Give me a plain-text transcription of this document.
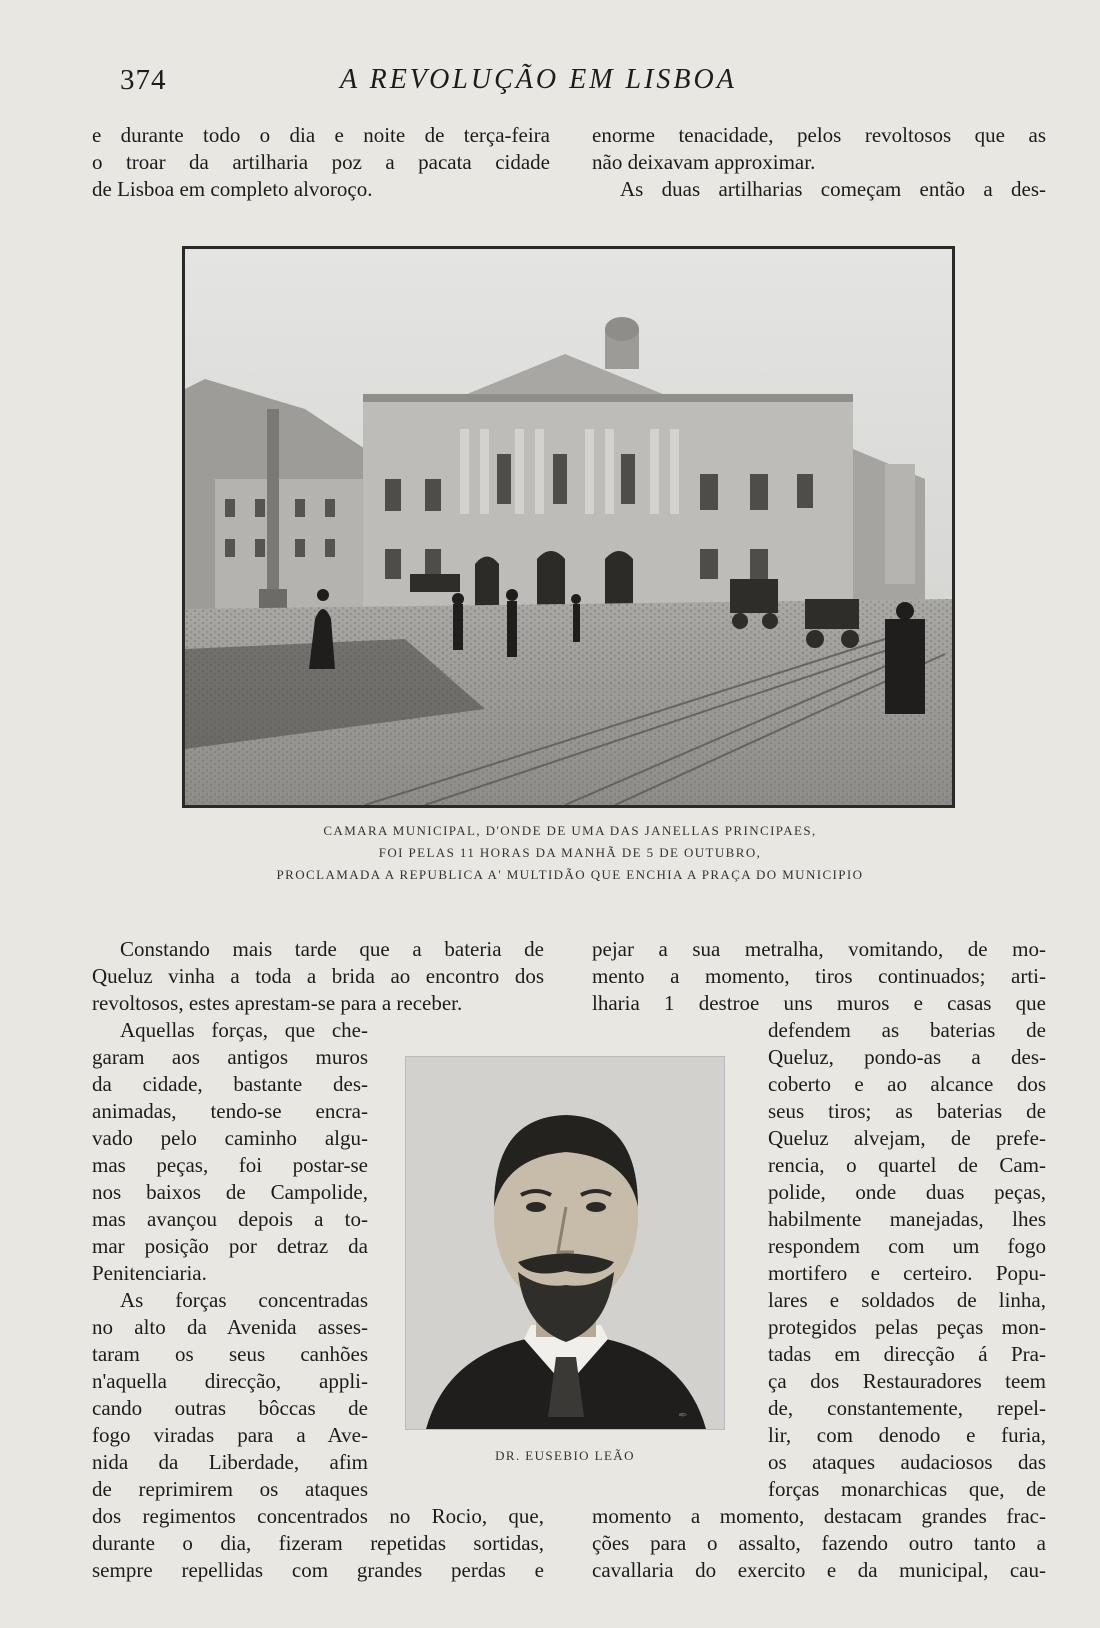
374	A REVOLUÇÃO EM LISBOA
e durante todo o dia e noite de terça-feira
o troar da artilharia poz a pacata cidade
de Lisboa em completo alvoroço.
enorme tenacidade, pelos revoltosos que as
não deixavam approximar.
As duas artilharias começam então a des-
CAMARA MUNICIPAL, D'ONDE DE UMA DAS JANELLAS PRINCIPAES,
FOI PELAS 11 HORAS DA MANHÃ DE 5 DE OUTUBRO,
PROCLAMADA A REPUBLICA A' MULTIDÃO QUE ENCHIA A PRAÇA DO MUNICIPIO
Constando mais tarde que a bateria de
Queluz vinha a toda a brida ao encontro dos
revoltosos, estes aprestam-se para a receber.
Aquellas forças, que che-
garam aos antigos muros
da cidade, bastante des-
animadas, tendo-se encra-
vado pelo caminho algu-
mas peças, foi postar-se
nos baixos de Campolide,
mas avançou depois a to-
mar posição por detraz da
Penitenciaria.
As forças concentradas
no alto da Avenida asses-
taram os seus canhões
n'aquella direcção, appli-
cando outras bôccas de
fogo viradas para a Ave-
nida da Liberdade, afim
de reprimirem os ataques
dos regimentos concentrados no Rocio, que,
durante o dia, fizeram repetidas sortidas,
sempre repellidas com grandes perdas e
✒
DR. EUSEBIO LEÃO
pejar a sua metralha, vomitando, de mo-
mento a momento, tiros continuados; arti-
lharia 1 destroe uns muros e casas que
defendem as baterias de
Queluz, pondo-as a des-
coberto e ao alcance dos
seus tiros; as baterias de
Queluz alvejam, de prefe-
rencia, o quartel de Cam-
polide, onde duas peças,
habilmente manejadas, lhes
respondem com um fogo
mortifero e certeiro. Popu-
lares e soldados de linha,
protegidos pelas peças mon-
tadas em direcção á Pra-
ça dos Restauradores teem
de, constantemente, repel-
lir, com denodo e furia,
os ataques audaciosos das
forças monarchicas que, de
momento a momento, destacam grandes frac-
ções para o assalto, fazendo outro tanto a
cavallaria do exercito e da municipal, cau-
